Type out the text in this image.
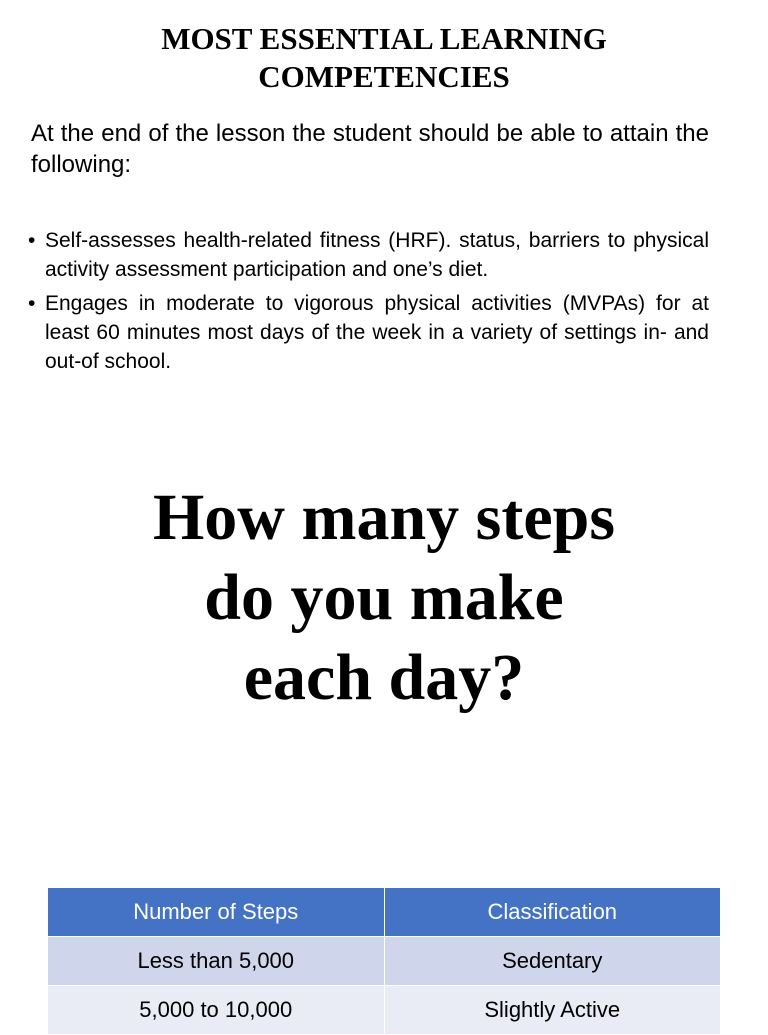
MOST ESSENTIAL LEARNING
COMPETENCIES
At the end of the lesson the student should be able to attain the following:
• Self-assesses health-related fitness (HRF). status, barriers to physical activity assessment participation and one’s diet.
• Engages in moderate to vigorous physical activities (MVPAs) for at least 60 minutes most days of the week in a variety of settings in- and out-of school.
How many steps
do you make
each day?
Number of Steps	Classification
Less than 5,000	Sedentary
5,000 to 10,000	Slightly Active
